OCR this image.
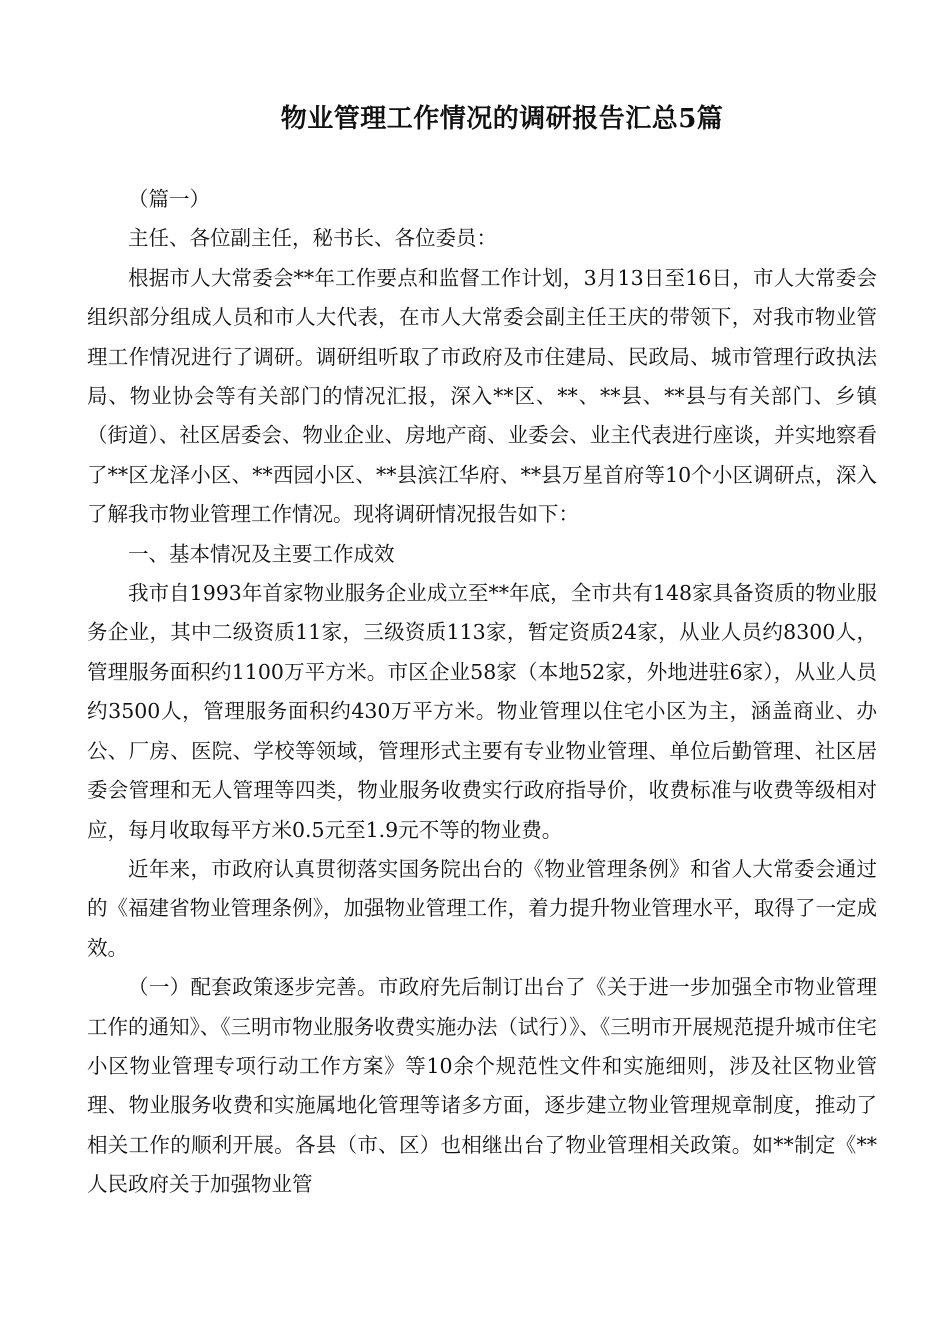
物业管理工作情况的调研报告汇总5篇

（篇一）

主任、各位副主任，秘书长、各位委员：

根据市人大常委会**年工作要点和监督工作计划，3月13日至16日，市人大常委会组织部分组成人员和市人大代表，在市人大常委会副主任王庆的带领下，对我市物业管理工作情况进行了调研。调研组听取了市政府及市住建局、民政局、城市管理行政执法局、物业协会等有关部门的情况汇报，深入**区、**、**县、**县与有关部门、乡镇（街道）、社区居委会、物业企业、房地产商、业委会、业主代表进行座谈，并实地察看了**区龙泽小区、**西园小区、**县滨江华府、**县万星首府等10个小区调研点，深入了解我市物业管理工作情况。现将调研情况报告如下：

一、基本情况及主要工作成效

我市自1993年首家物业服务企业成立至**年底，全市共有148家具备资质的物业服务企业，其中二级资质11家，三级资质113家，暂定资质24家，从业人员约8300人，管理服务面积约1100万平方米。市区企业58家（本地52家，外地进驻6家），从业人员约3500人，管理服务面积约430万平方米。物业管理以住宅小区为主，涵盖商业、办公、厂房、医院、学校等领域，管理形式主要有专业物业管理、单位后勤管理、社区居委会管理和无人管理等四类，物业服务收费实行政府指导价，收费标准与收费等级相对应，每月收取每平方米0.5元至1.9元不等的物业费。

近年来，市政府认真贯彻落实国务院出台的《物业管理条例》和省人大常委会通过的《福建省物业管理条例》，加强物业管理工作，着力提升物业管理水平，取得了一定成效。

（一）配套政策逐步完善。市政府先后制订出台了《关于进一步加强全市物业管理工作的通知》、《三明市物业服务收费实施办法（试行）》、《三明市开展规范提升城市住宅小区物业管理专项行动工作方案》等10余个规范性文件和实施细则，涉及社区物业管理、物业服务收费和实施属地化管理等诸多方面，逐步建立物业管理规章制度，推动了相关工作的顺利开展。各县（市、区）也相继出台了物业管理相关政策。如**制定《**人民政府关于加强物业管
